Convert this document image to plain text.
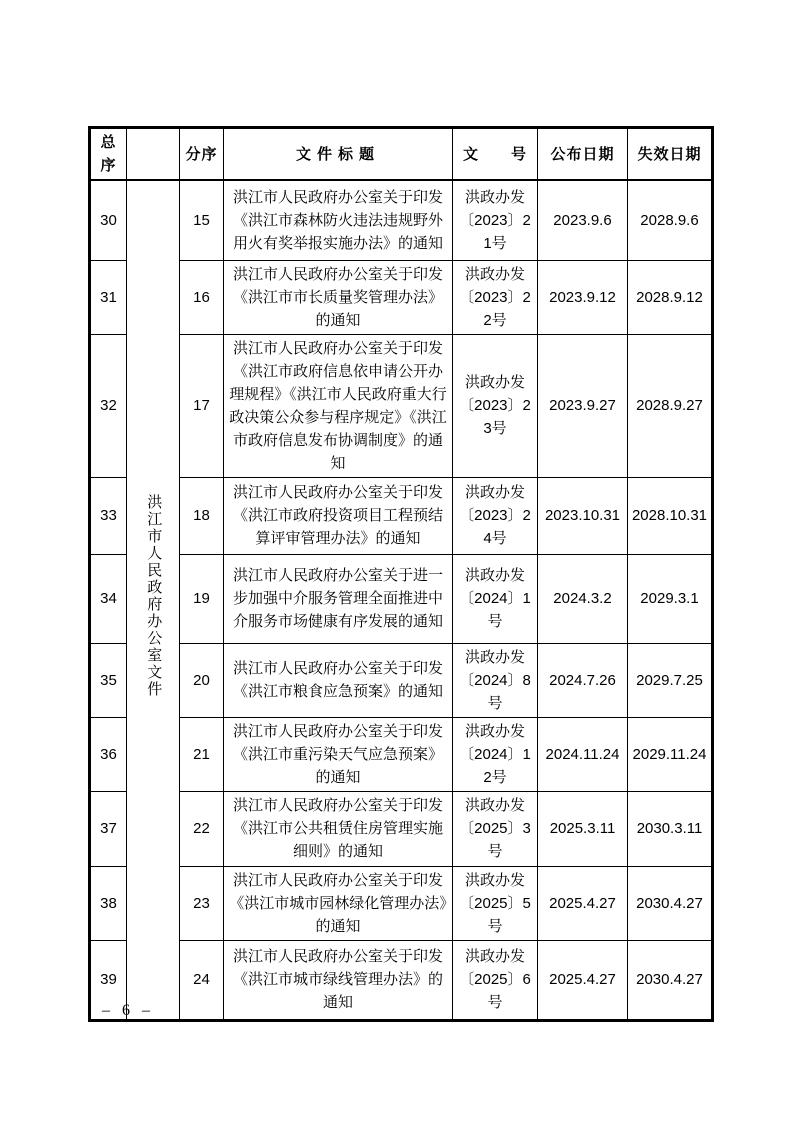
总序		分序	文件标题	文　　号	公布日期	失效日期
30	洪江市人民政府办公室文件	15	洪江市人民政府办公室关于印发《洪江市森林防火违法违规野外用火有奖举报实施办法》的通知	洪政办发〔2023〕21号	2023.9.6	2028.9.6
31		16	洪江市人民政府办公室关于印发《洪江市市长质量奖管理办法》的通知	洪政办发〔2023〕22号	2023.9.12	2028.9.12
32		17	洪江市人民政府办公室关于印发《洪江市政府信息依申请公开办理规程》《洪江市人民政府重大行政决策公众参与程序规定》《洪江市政府信息发布协调制度》的通知	洪政办发〔2023〕23号	2023.9.27	2028.9.27
33		18	洪江市人民政府办公室关于印发《洪江市政府投资项目工程预结算评审管理办法》的通知	洪政办发〔2023〕24号	2023.10.31	2028.10.31
34		19	洪江市人民政府办公室关于进一步加强中介服务管理全面推进中介服务市场健康有序发展的通知	洪政办发〔2024〕1号	2024.3.2	2029.3.1
35		20	洪江市人民政府办公室关于印发《洪江市粮食应急预案》的通知	洪政办发〔2024〕8号	2024.7.26	2029.7.25
36		21	洪江市人民政府办公室关于印发《洪江市重污染天气应急预案》的通知	洪政办发〔2024〕12号	2024.11.24	2029.11.24
37		22	洪江市人民政府办公室关于印发《洪江市公共租赁住房管理实施细则》的通知	洪政办发〔2025〕3号	2025.3.11	2030.3.11
38		23	洪江市人民政府办公室关于印发《洪江市城市园林绿化管理办法》的通知	洪政办发〔2025〕5号	2025.4.27	2030.4.27
39		24	洪江市人民政府办公室关于印发《洪江市城市绿线管理办法》的通知	洪政办发〔2025〕6号	2025.4.27	2030.4.27
– 6 –
